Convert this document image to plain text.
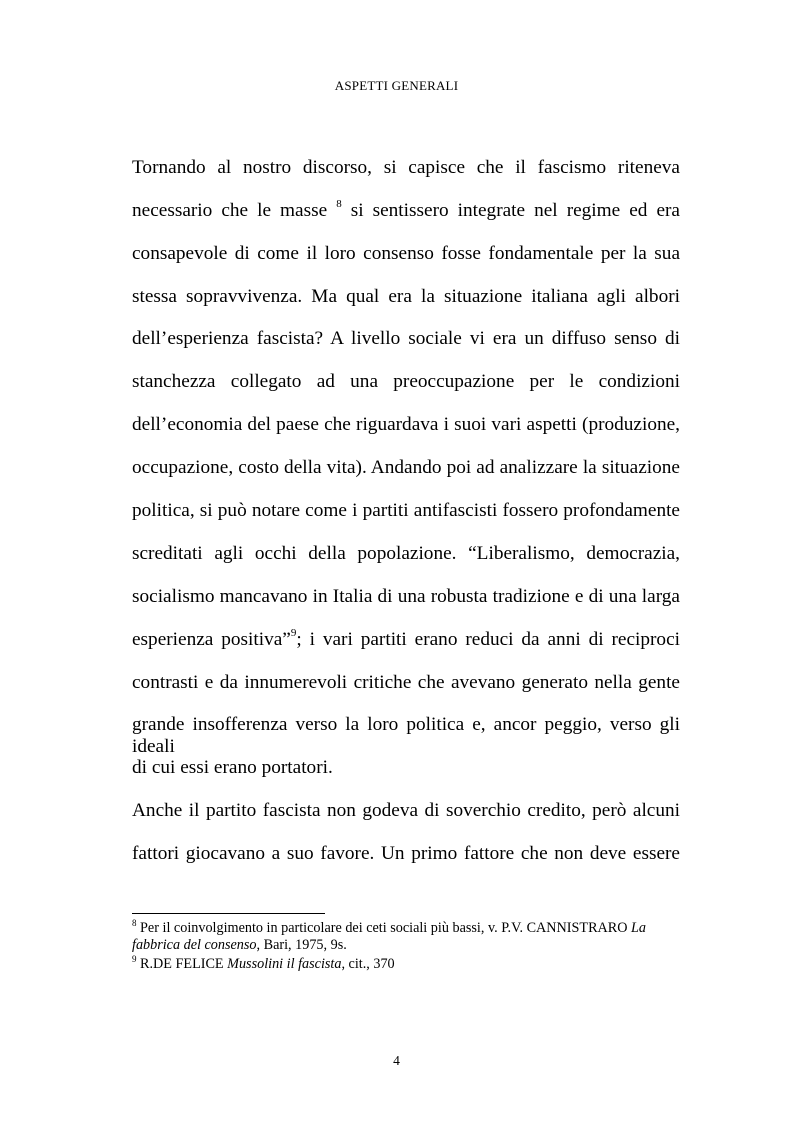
ASPETTI GENERALI
Tornando al nostro discorso, si capisce che il fascismo riteneva
necessario che le masse $^8$ si sentissero integrate nel regime ed era
consapevole di come il loro consenso fosse fondamentale per la sua
stessa sopravvivenza. Ma qual era la situazione italiana agli albori
dell’esperienza fascista? A livello sociale vi era un diffuso senso di
stanchezza collegato ad una preoccupazione per le condizioni
dell’economia del paese che riguardava i suoi vari aspetti (produzione,
occupazione, costo della vita). Andando poi ad analizzare la situazione
politica, si può notare come i partiti antifascisti fossero profondamente
screditati agli occhi della popolazione. “Liberalismo, democrazia,
socialismo mancavano in Italia di una robusta tradizione e di una larga
esperienza positiva”$^9$; i vari partiti erano reduci da anni di reciproci
contrasti e da innumerevoli critiche che avevano generato nella gente
grande insofferenza verso la loro politica e, ancor peggio, verso gli ideali
di cui essi erano portatori.
Anche il partito fascista non godeva di soverchio credito, però alcuni
fattori giocavano a suo favore. Un primo fattore che non deve essere
$^8$ Per il coinvolgimento in particolare dei ceti sociali più bassi, v. P.V. CANNISTRARO La fabbrica del consenso, Bari, 1975, 9s.
$^9$ R.DE FELICE Mussolini il fascista, cit., 370
4
